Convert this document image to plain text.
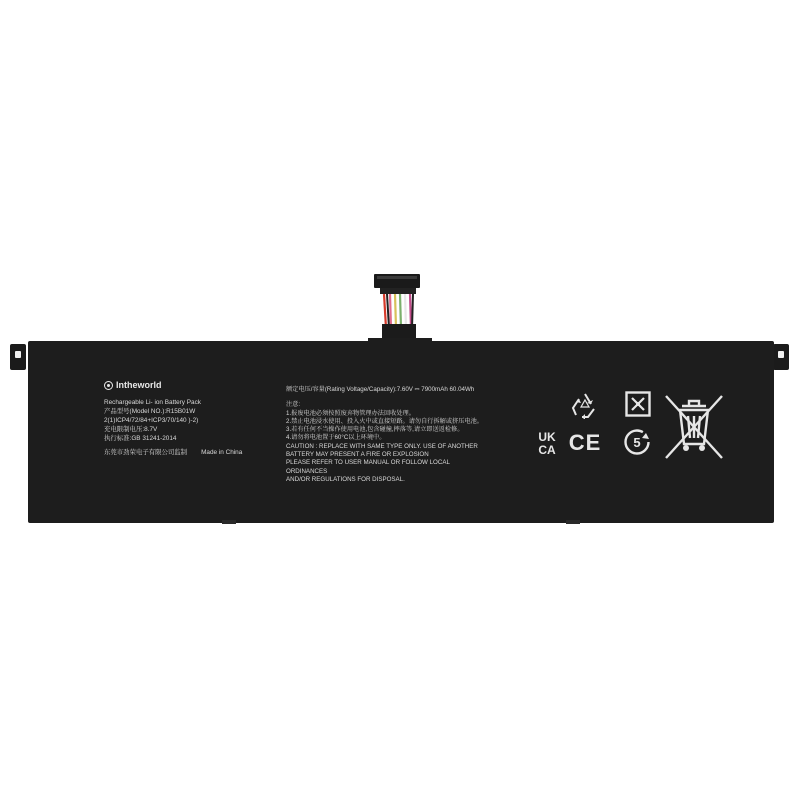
Intheworld
Rechargeable Li- ion Battery Pack
产品型号(Model NO.):R15B01W
2(1)ICP4/72/84+ICP3/70/140 )-2)
充电限制电压:8.7V
执行标准:GB 31241-2014
东莞市劲荣电子有限公司监制 Made in China
额定电压/容量(Rating Voltage/Capacity):7.60V ⎓ 7900mAh 60.04Wh
注意:
1.报废电池必须按照废弃物管理办法回收处理。
2.禁止电池浸水使用、投入火中或直接短路。请勿自行拆解或挤压电池。
3.若有任何不当操作使用电池,包含碰撞,摔落等,请立即送返检修。
4.请勿将电池置于60°C以上环境中。
CAUTION : REPLACE WITH SAME TYPE ONLY. USE OF ANOTHER
BATTERY MAY PRESENT A FIRE OR EXPLOSION
PLEASE REFER TO USER MANUAL OR FOLLOW LOCAL ORDINANCES
AND/OR REGULATIONS FOR DISPOSAL.
UK
CA CE 5
